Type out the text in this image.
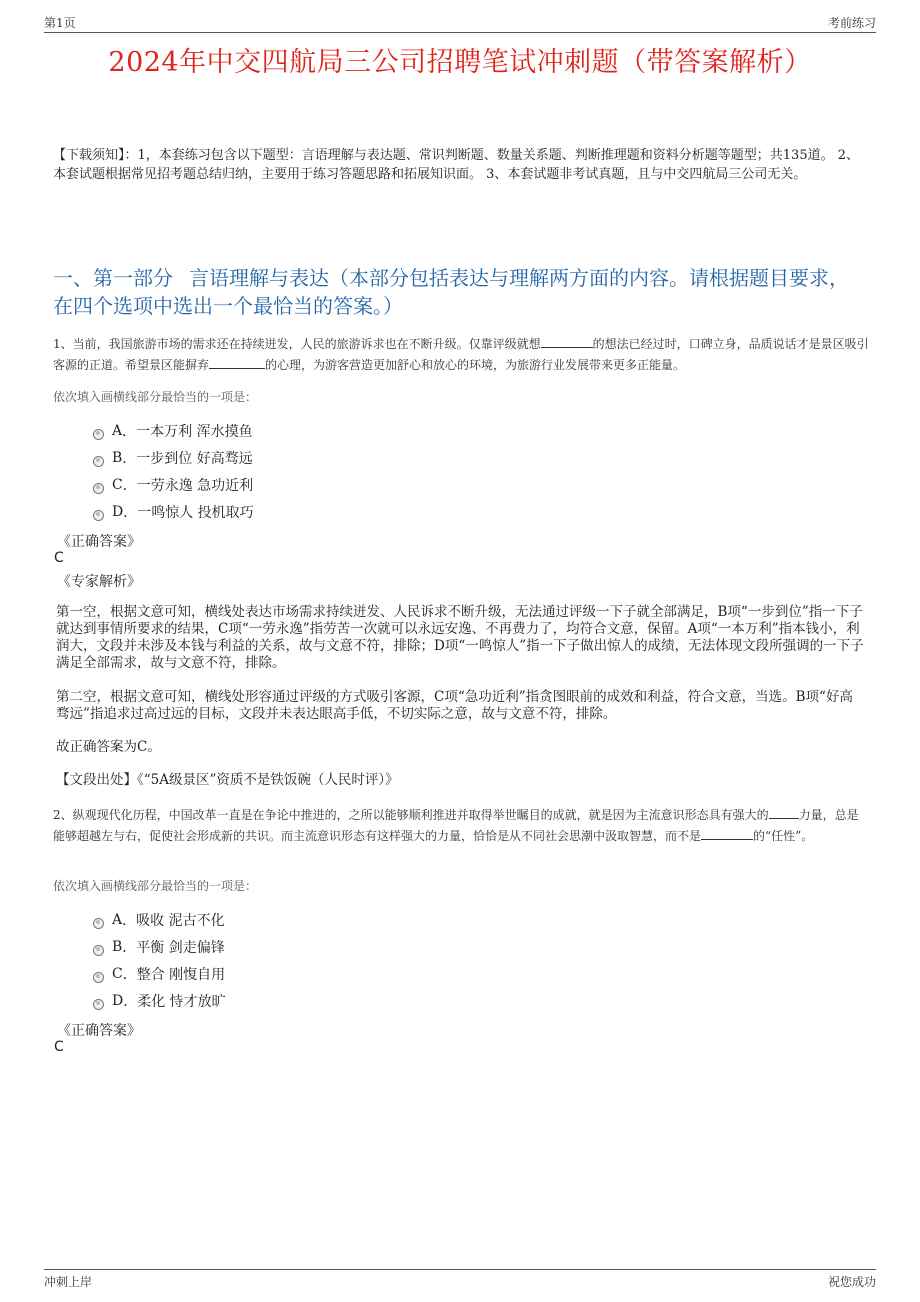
第1页	考前练习
2024年中交四航局三公司招聘笔试冲刺题（带答案解析）
【下载须知】：1，本套练习包含以下题型：言语理解与表达题、常识判断题、数量关系题、判断推理题和资料分析题等题型；共135道。 2、本套试题根据常见招考题总结归纳，主要用于练习答题思路和拓展知识面。 3、本套试题非考试真题，且与中交四航局三公司无关。
一、第一部分 言语理解与表达（本部分包括表达与理解两方面的内容。请根据题目要求，在四个选项中选出一个最恰当的答案。）
1、当前，我国旅游市场的需求还在持续迸发，人民的旅游诉求也在不断升级。仅靠评级就想	的想法已经过时，口碑立身，品质说话才是景区吸引客源的正道。希望景区能摒弃	的心理，为游客营造更加舒心和放心的环境，为旅游行业发展带来更多正能量。
依次填入画横线部分最恰当的一项是：
A ． 一本万利 浑水摸鱼
B ． 一步到位 好高骛远
C ． 一劳永逸 急功近利
D ． 一鸣惊人 投机取巧
《正确答案》
C
《专家解析》
第一空，根据文意可知，横线处表达市场需求持续迸发、人民诉求不断升级，无法通过评级一下子就全部满足，B项“一步到位”指一下子就达到事情所要求的结果，C项“一劳永逸”指劳苦一次就可以永远安逸、不再费力了，均符合文意，保留。A项“一本万利”指本钱小，利润大，文段并未涉及本钱与利益的关系，故与文意不符，排除；D项“一鸣惊人”指一下子做出惊人的成绩，无法体现文段所强调的一下子满足全部需求，故与文意不符，排除。
第二空，根据文意可知，横线处形容通过评级的方式吸引客源，C项“急功近利”指贪图眼前的成效和利益，符合文意，当选。B项“好高骛远”指追求过高过远的目标，文段并未表达眼高手低，不切实际之意，故与文意不符，排除。
故正确答案为C。
【文段出处】《“5A级景区”资质不是铁饭碗（人民时评）》
2、纵观现代化历程，中国改革一直是在争论中推进的，之所以能够顺利推进并取得举世瞩目的成就，就是因为主流意识形态具有强大的	力量，总是能够超越左与右，促使社会形成新的共识。而主流意识形态有这样强大的力量，恰恰是从不同社会思潮中汲取智慧，而不是	的“任性”。
依次填入画横线部分最恰当的一项是：
A ． 吸收 泥古不化
B ． 平衡 剑走偏锋
C ． 整合 刚愎自用
D ． 柔化 恃才放旷
《正确答案》
C
冲刺上岸	祝您成功
